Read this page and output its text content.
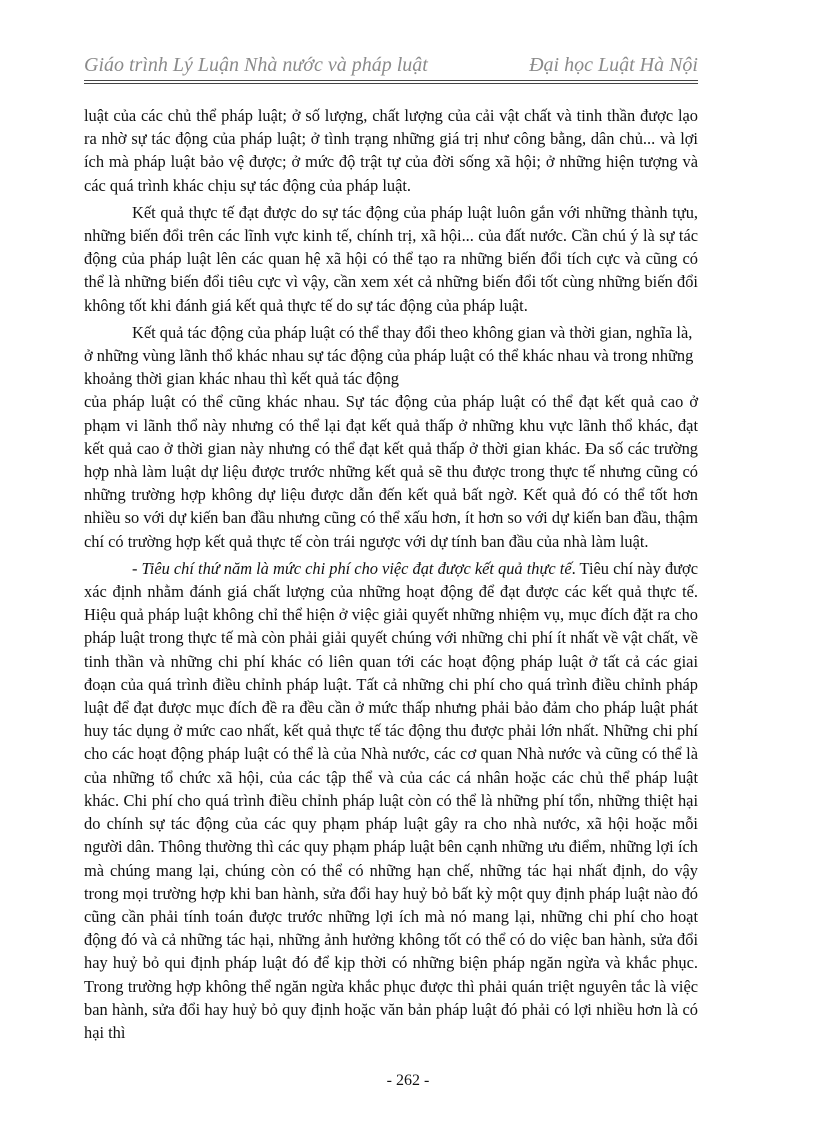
Giáo trình Lý Luận Nhà nước và pháp luật	Đại học Luật Hà Nội

luật của các chủ thể pháp luật; ở số lượng, chất lượng của cải vật chất và tinh thần được lạo ra nhờ sự tác động của pháp luật; ở tình trạng những giá trị như công bằng, dân chủ... và lợi ích mà pháp luật bảo vệ được; ở mức độ trật tự của đời sống xã hội; ở những hiện tượng và các quá trình khác chịu sự tác động của pháp luật.

Kết quả thực tế đạt được do sự tác động của pháp luật luôn gắn với những thành tựu, những biến đổi trên các lĩnh vực kinh tế, chính trị, xã hội... của đất nước. Cần chú ý là sự tác động của pháp luật lên các quan hệ xã hội có thể tạo ra những biến đổi tích cực và cũng có thể là những biến đổi tiêu cực vì vậy, cần xem xét cả những biến đổi tốt cùng những biến đổi không tốt khi đánh giá kết quả thực tế do sự tác động của pháp luật.

Kết quả tác động của pháp luật có thể thay đổi theo không gian và thời gian, nghĩa là, ở những vùng lãnh thổ khác nhau sự tác động của pháp luật có thể khác nhau và trong những khoảng thời gian khác nhau thì kết quả tác động

của pháp luật có thể cũng khác nhau. Sự tác động của pháp luật có thể đạt kết quả cao ở phạm vi lãnh thổ này nhưng có thể lại đạt kết quả thấp ở những khu vực lãnh thổ khác, đạt kết quả cao ở thời gian này nhưng có thể đạt kết quả thấp ở thời gian khác. Đa số các trường hợp nhà làm luật dự liệu được trước những kết quả sẽ thu được trong thực tế nhưng cũng có những trường hợp không dự liệu được dẫn đến kết quả bất ngờ. Kết quả đó có thể tốt hơn nhiều so với dự kiến ban đầu nhưng cũng có thể xấu hơn, ít hơn so với dự kiến ban đầu, thậm chí có trường hợp kết quả thực tế còn trái ngược với dự tính ban đầu của nhà làm luật.

- Tiêu chí thứ năm là mức chi phí cho việc đạt được kết quả thực tế. Tiêu chí này được xác định nhằm đánh giá chất lượng của những hoạt động để đạt được các kết quả thực tế. Hiệu quả pháp luật không chỉ thể hiện ở việc giải quyết những nhiệm vụ, mục đích đặt ra cho pháp luật trong thực tế mà còn phải giải quyết chúng với những chi phí ít nhất về vật chất, về tinh thần và những chi phí khác có liên quan tới các hoạt động pháp luật ở tất cả các giai đoạn của quá trình điều chỉnh pháp luật. Tất cả những chi phí cho quá trình điều chỉnh pháp luật để đạt được mục đích đề ra đều cần ở mức thấp nhưng phải bảo đảm cho pháp luật phát huy tác dụng ở mức cao nhất, kết quả thực tế tác động thu được phải lớn nhất. Những chi phí cho các hoạt động pháp luật có thể là của Nhà nước, các cơ quan Nhà nước và cũng có thể là của những tổ chức xã hội, của các tập thể và của các cá nhân hoặc các chủ thể pháp luật khác. Chi phí cho quá trình điều chỉnh pháp luật còn có thể là những phí tổn, những thiệt hại do chính sự tác động của các quy phạm pháp luật gây ra cho nhà nước, xã hội hoặc mỗi người dân. Thông thường thì các quy phạm pháp luật bên cạnh những ưu điểm, những lợi ích mà chúng mang lại, chúng còn có thể có những hạn chế, những tác hại nhất định, do vậy trong mọi trường hợp khi ban hành, sửa đổi hay huỷ bỏ bất kỳ một quy định pháp luật nào đó cũng cần phải tính toán được trước những lợi ích mà nó mang lại, những chi phí cho hoạt động đó và cả những tác hại, những ảnh hưởng không tốt có thể có do việc ban hành, sửa đổi hay huỷ bỏ qui định pháp luật đó để kịp thời có những biện pháp ngăn ngừa và khắc phục. Trong trường hợp không thể ngăn ngừa khắc phục được thì phải quán triệt nguyên tắc là việc ban hành, sửa đổi hay huỷ bỏ quy định hoặc văn bản pháp luật đó phải có lợi nhiều hơn là có hại thì

- 262 -
